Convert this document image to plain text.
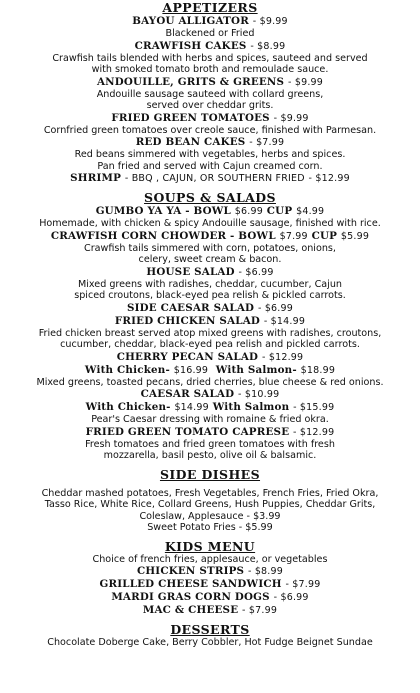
APPETIZERS
BAYOU ALLIGATOR - $9.99
Blackened or Fried
CRAWFISH CAKES - $8.99
Crawfish tails blended with herbs and spices, sauteed and served
with smoked tomato broth and remoulade sauce.
ANDOUILLE, GRITS & GREENS - $9.99
Andouille sausage sauteed with collard greens,
served over cheddar grits.
FRIED GREEN TOMATOES - $9.99
Cornfried green tomatoes over creole sauce, finished with Parmesan.
RED BEAN CAKES - $7.99
Red beans simmered with vegetables, herbs and spices.
Pan fried and served with Cajun creamed corn.
SHRIMP - BBQ , CAJUN, OR SOUTHERN FRIED - $12.99
SOUPS & SALADS
GUMBO YA YA - BOWL $6.99 CUP $4.99
Homemade, with chicken & spicy Andouille sausage, finished with rice.
CRAWFISH CORN CHOWDER - BOWL $7.99 CUP $5.99
Crawfish tails simmered with corn, potatoes, onions,
celery, sweet cream & bacon.
HOUSE SALAD - $6.99
Mixed greens with radishes, cheddar, cucumber, Cajun
spiced croutons, black-eyed pea relish & pickled carrots.
SIDE CAESAR SALAD - $6.99
FRIED CHICKEN SALAD - $14.99
Fried chicken breast served atop mixed greens with radishes, croutons,
cucumber, cheddar, black-eyed pea relish and pickled carrots.
CHERRY PECAN SALAD - $12.99
With Chicken- $16.99 With Salmon- $18.99
Mixed greens, toasted pecans, dried cherries, blue cheese & red onions.
CAESAR SALAD - $10.99
With Chicken- $14.99 With Salmon - $15.99
Pear's Caesar dressing with romaine & fried okra.
FRIED GREEN TOMATO CAPRESE - $12.99
Fresh tomatoes and fried green tomatoes with fresh
mozzarella, basil pesto, olive oil & balsamic.
SIDE DISHES
Cheddar mashed potatoes, Fresh Vegetables, French Fries, Fried Okra,
Tasso Rice, White Rice, Collard Greens, Hush Puppies, Cheddar Grits,
Coleslaw, Applesauce - $3.99
Sweet Potato Fries - $5.99
KIDS MENU
Choice of french fries, applesauce, or vegetables
CHICKEN STRIPS - $8.99
GRILLED CHEESE SANDWICH - $7.99
MARDI GRAS CORN DOGS - $6.99
MAC & CHEESE - $7.99
DESSERTS
Chocolate Doberge Cake, Berry Cobbler, Hot Fudge Beignet Sundae
